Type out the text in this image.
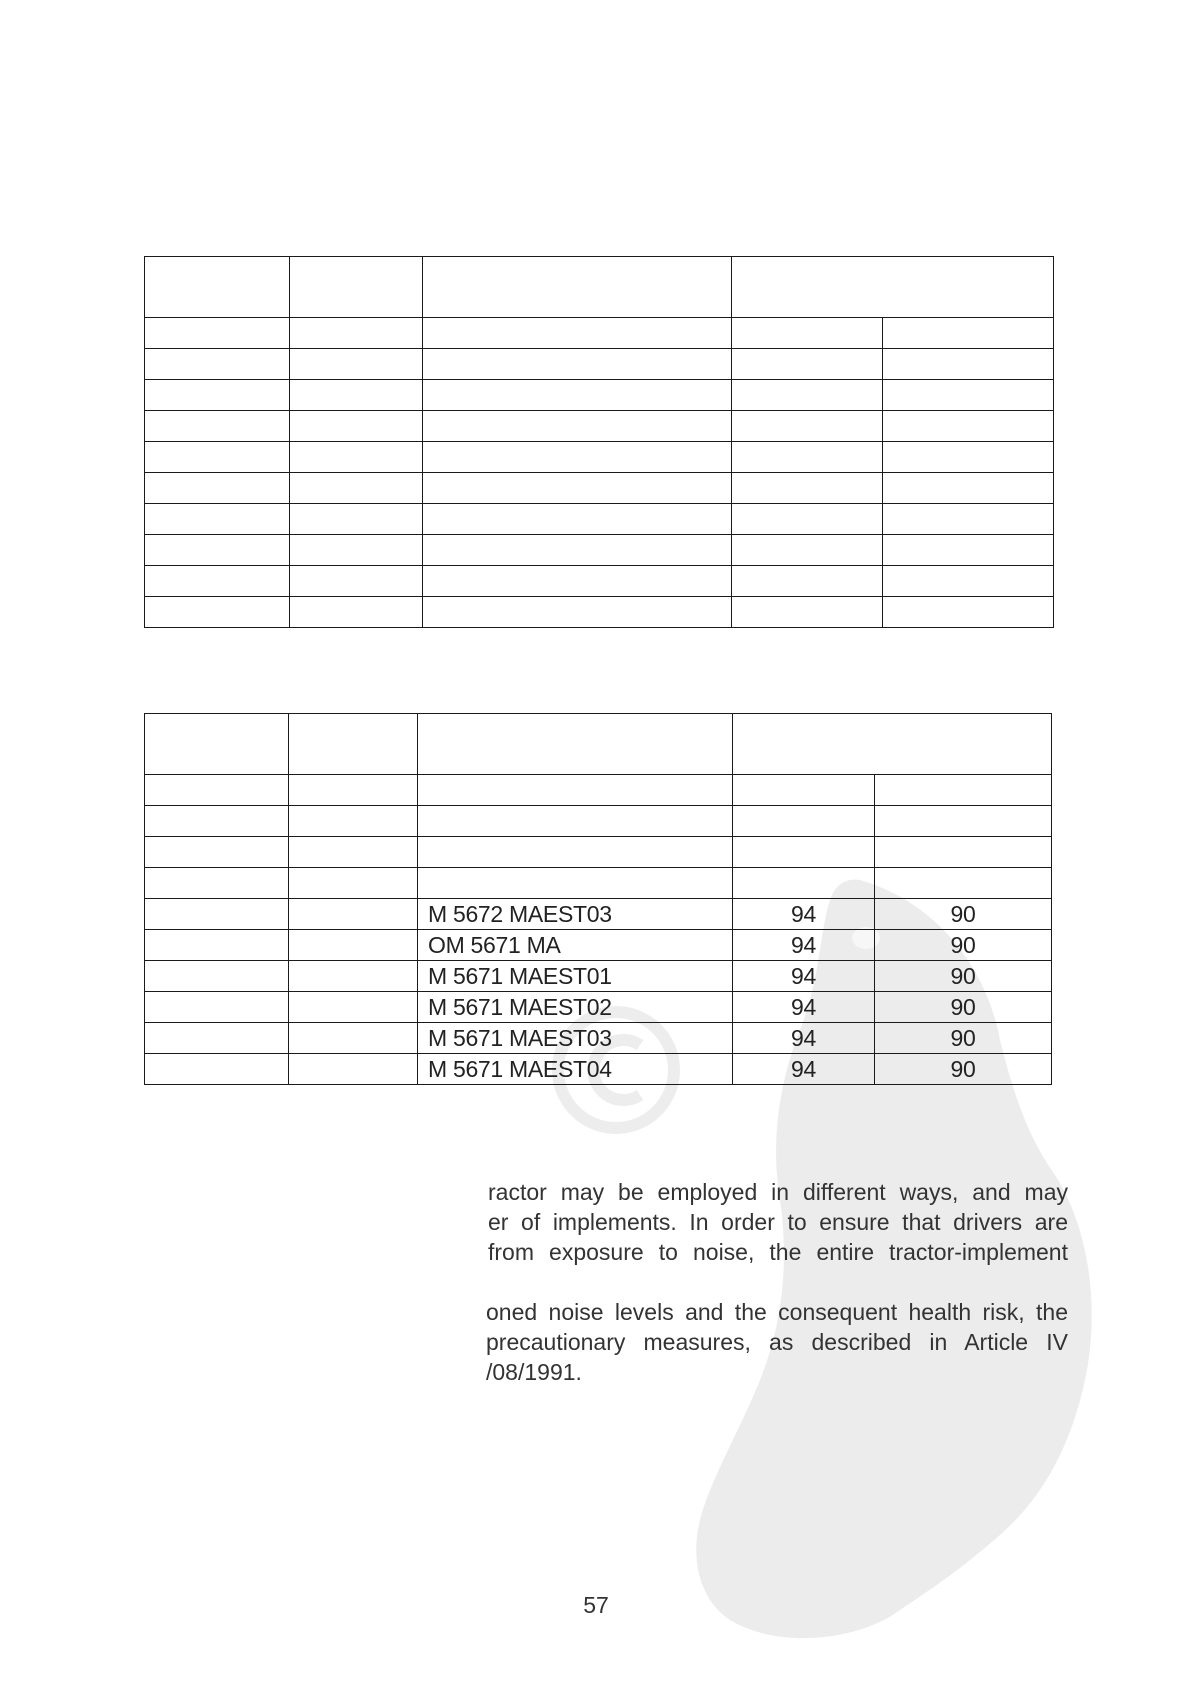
		M 5672 MAEST03	94	90
		OM 5671 MA	94	90
		M 5671 MAEST01	94	90
		M 5671 MAEST02	94	90
		M 5671 MAEST03	94	90
		M 5671 MAEST04	94	90
ractor may be employed in different ways, and may
er of implements. In order to ensure that drivers are
from exposure to noise, the entire tractor-implement
oned noise levels and the consequent health risk, the
precautionary measures, as described in Article IV
/08/1991.
57
